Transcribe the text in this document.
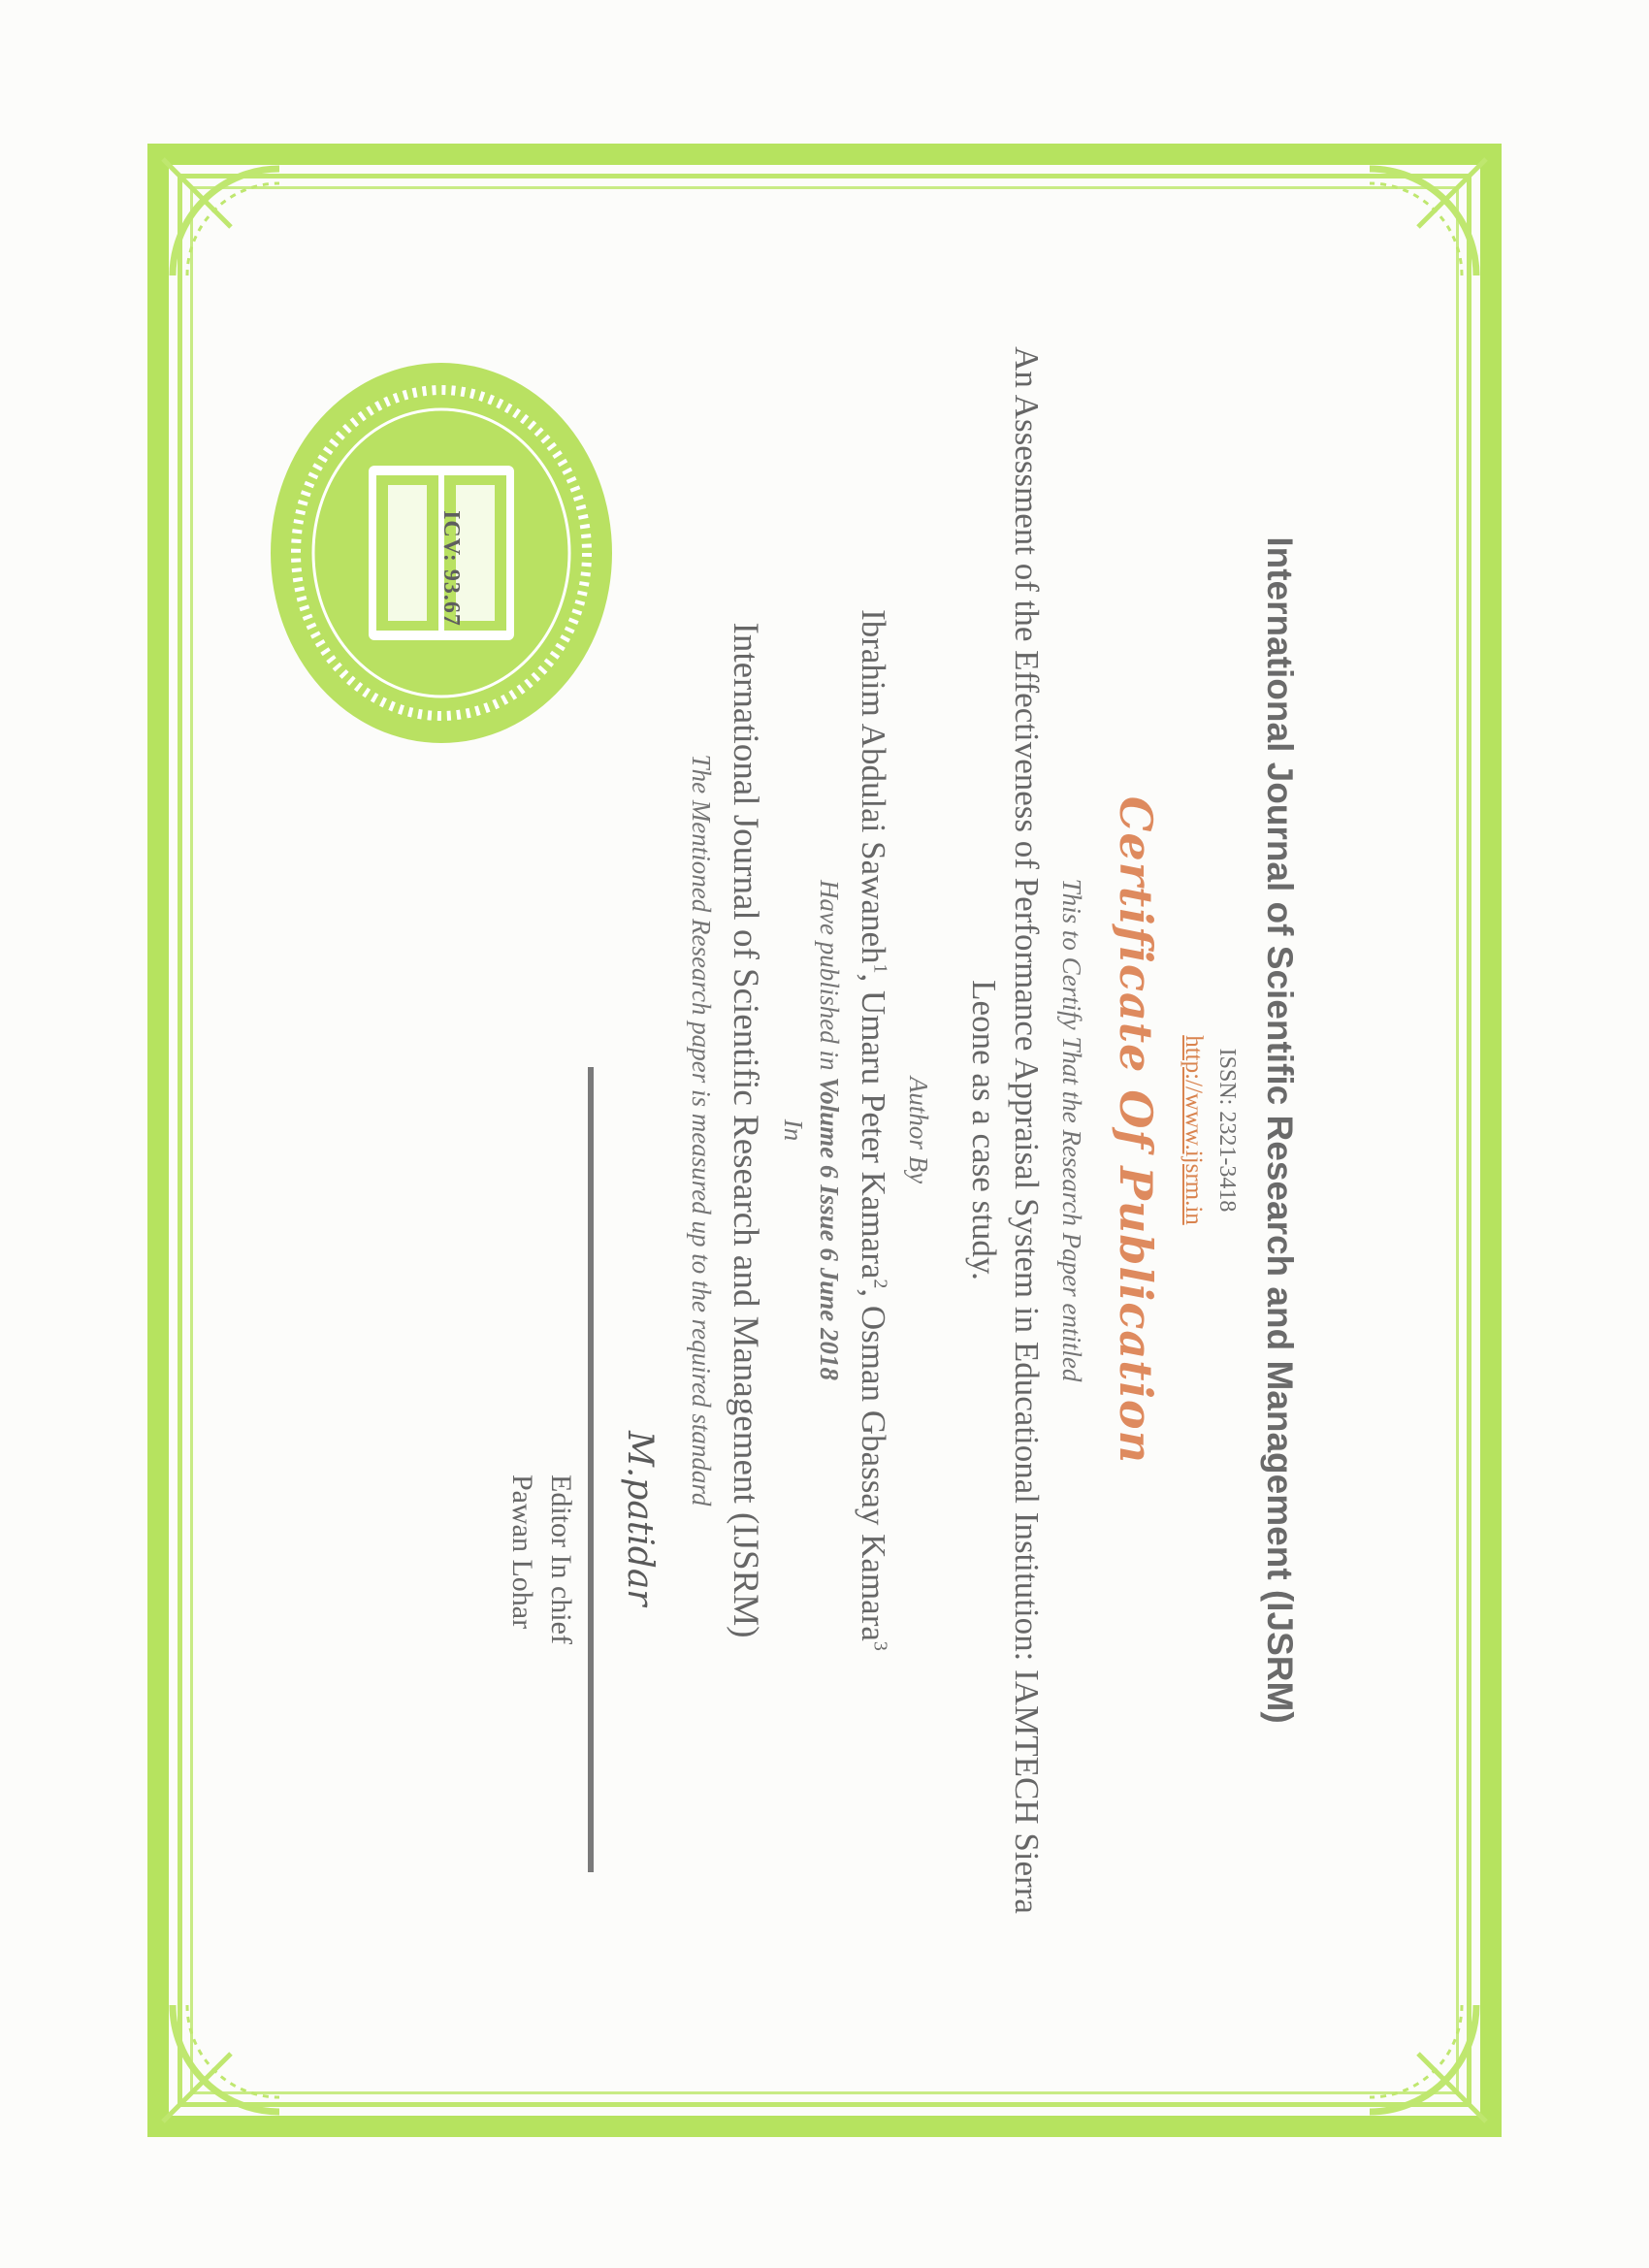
ICV: 93.67	International Journal of Scientific Research and Management (IJSRM)
ISSN: 2321-3418
http://www.ijsrm.in
Certificate Of Publication
This to Certify That the Research Paper entitled
An Assessment of the Effectiveness of Performance Appraisal System in Educational Institution: IAMTECH Sierra Leone as a case study.
Author By
Ibrahim Abdulai Sawaneh$^1$, Umaru Peter Kamara$^2$, Osman Gbassay Kamara$^3$
Have published in Volume 6 Issue 6 June 2018
In
International Journal of Scientific Research and Management (IJSRM)
The Mentioned Research paper is measured up to the required standard
M.patidar
Editor In chief
Pawan Lohar
